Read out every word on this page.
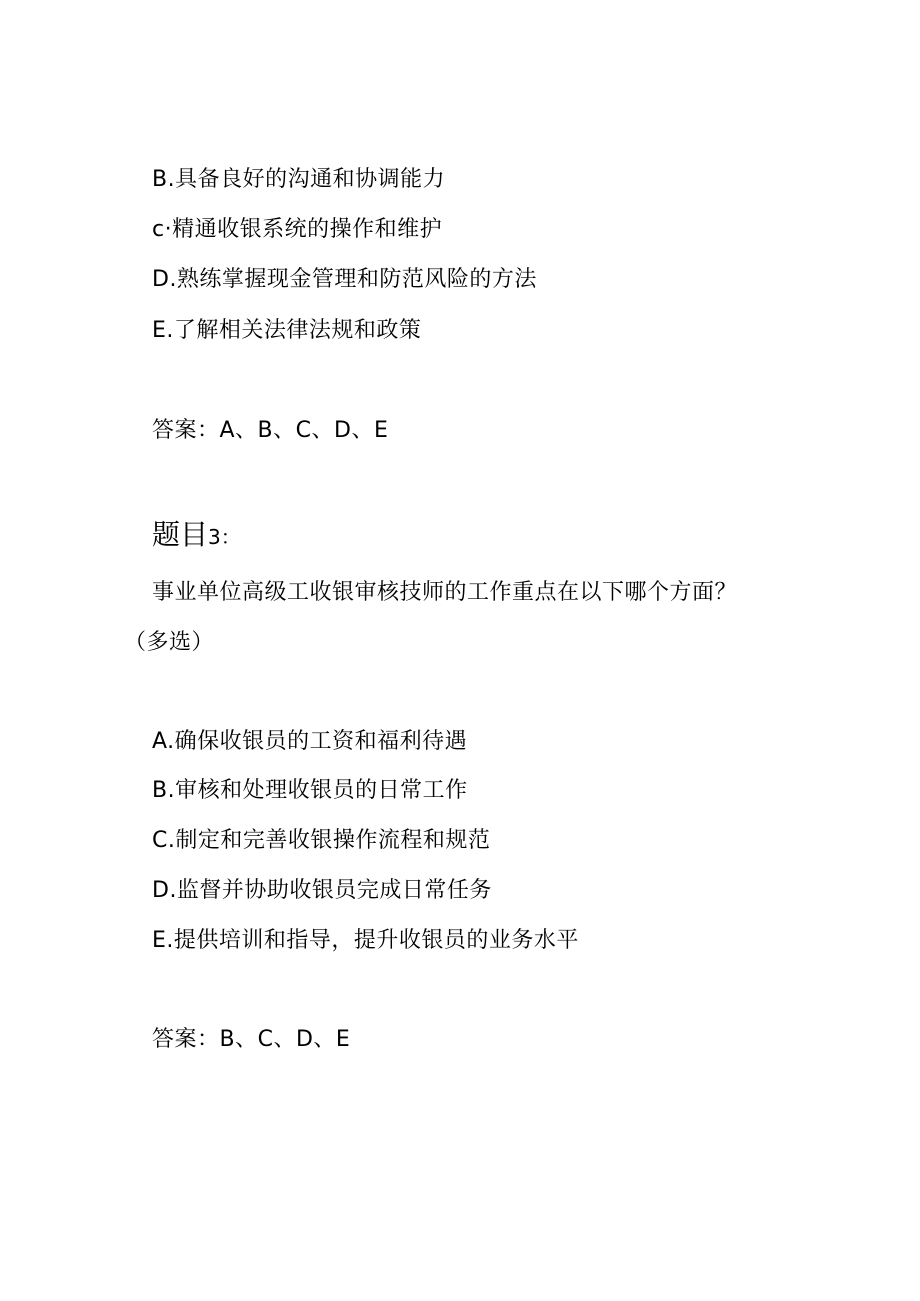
B.具备良好的沟通和协调能力
c·精通收银系统的操作和维护
D.熟练掌握现金管理和防范风险的方法
E.了解相关法律法规和政策
答案：A、B、C、D、E
题目3：
事业单位高级工收银审核技师的工作重点在以下哪个方面？
（多选）
A.确保收银员的工资和福利待遇
B.审核和处理收银员的日常工作
C.制定和完善收银操作流程和规范
D.监督并协助收银员完成日常任务
E.提供培训和指导，提升收银员的业务水平
答案：B、C、D、E
